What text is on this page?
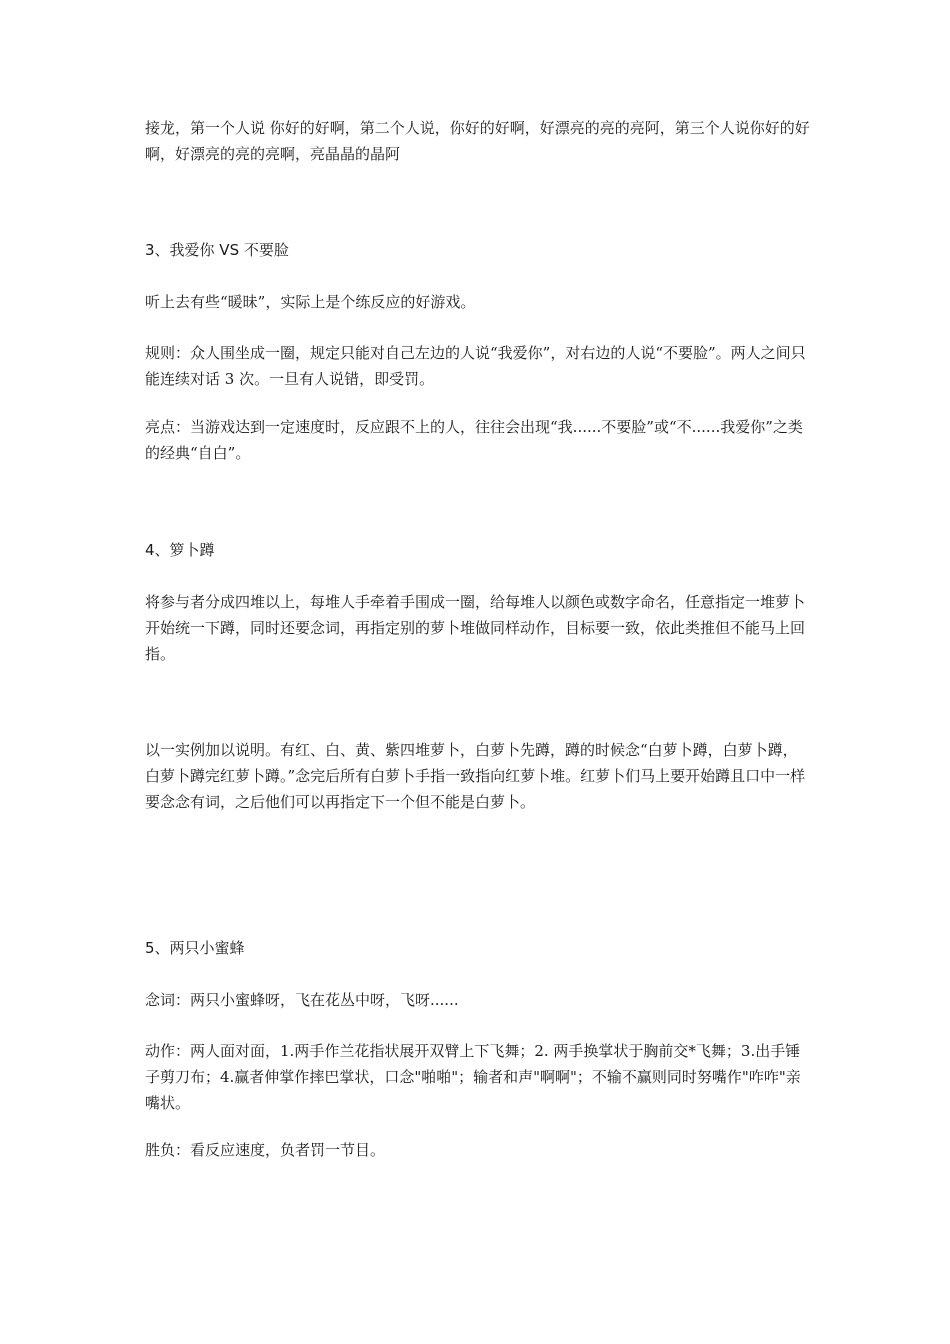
接龙，第一个人说 你好的好啊，第二个人说，你好的好啊，好漂亮的亮的亮阿，第三个人说你好的好啊，好漂亮的亮的亮啊，亮晶晶的晶阿

3、我爱你 VS 不要脸

听上去有些“暖昧”，实际上是个练反应的好游戏。

规则：众人围坐成一圈，规定只能对自己左边的人说“我爱你”，对右边的人说“不要脸”。两人之间只能连续对话 3 次。一旦有人说错，即受罚。

亮点：当游戏达到一定速度时，反应跟不上的人，往往会出现“我......不要脸”或“不......我爱你”之类的经典“自白”。

4、箩卜蹲

将参与者分成四堆以上，每堆人手牵着手围成一圈，给每堆人以颜色或数字命名，任意指定一堆萝卜开始统一下蹲，同时还要念词，再指定别的萝卜堆做同样动作，目标要一致，依此类推但不能马上回指。

以一实例加以说明。有红、白、黄、紫四堆萝卜，白萝卜先蹲，蹲的时候念“白萝卜蹲，白萝卜蹲，白萝卜蹲完红萝卜蹲。”念完后所有白萝卜手指一致指向红萝卜堆。红萝卜们马上要开始蹲且口中一样要念念有词，之后他们可以再指定下一个但不能是白萝卜。

5、两只小蜜蜂

念词：两只小蜜蜂呀，飞在花丛中呀，飞呀......

动作：两人面对面，1.两手作兰花指状展开双臂上下飞舞；2. 两手换掌状于胸前交*飞舞；3.出手锤子剪刀布；4.赢者伸掌作摔巴掌状，口念"啪啪"；输者和声"啊啊"；不输不赢则同时努嘴作"咋咋"亲嘴状。

胜负：看反应速度，负者罚一节目。
